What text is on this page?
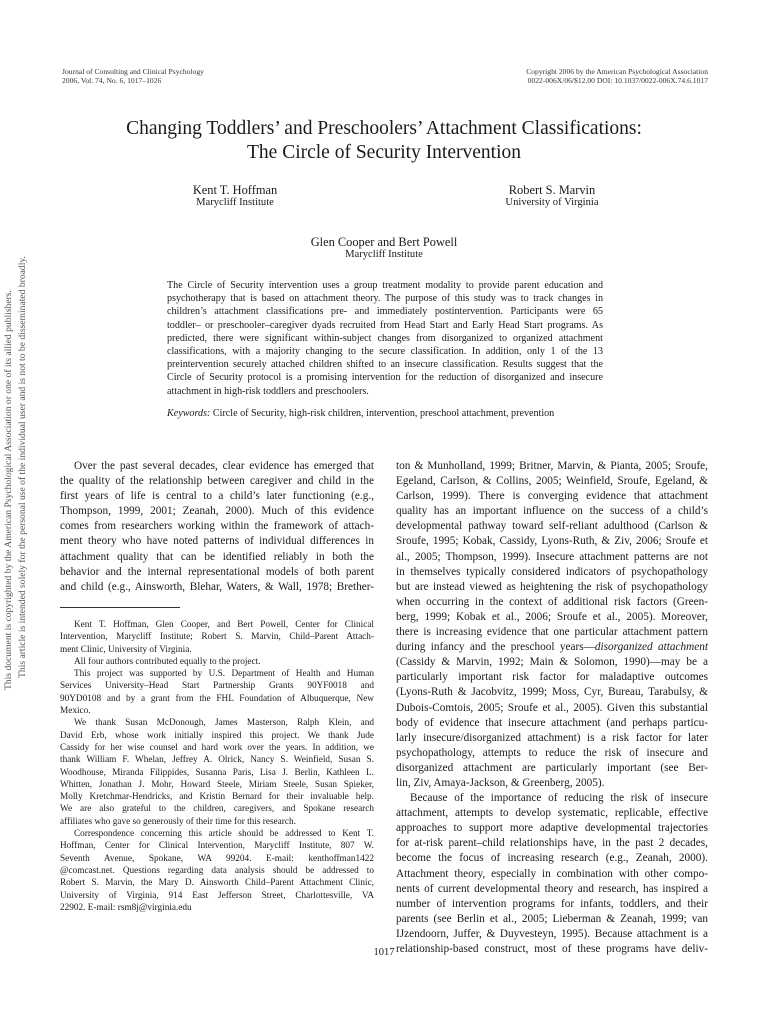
Journal of Consulting and Clinical Psychology
2006, Vol. 74, No. 6, 1017–1026
Copyright 2006 by the American Psychological Association
0022-006X/06/$12.00 DOI: 10.1037/0022-006X.74.6.1017
This document is copyrighted by the American Psychological Association or one of its allied publishers. This article is intended solely for the personal use of the individual user and is not to be disseminated broadly.
Changing Toddlers’ and Preschoolers’ Attachment Classifications:
The Circle of Security Intervention
Kent T. Hoffman
Marycliff Institute
Robert S. Marvin
University of Virginia
Glen Cooper and Bert Powell
Marycliff Institute
The Circle of Security intervention uses a group treatment modality to provide parent education and
psychotherapy that is based on attachment theory. The purpose of this study was to track changes in
children’s attachment classifications pre- and immediately postintervention. Participants were 65
toddler– or preschooler–caregiver dyads recruited from Head Start and Early Head Start programs. As
predicted, there were significant within-subject changes from disorganized to organized attachment
classifications, with a majority changing to the secure classification. In addition, only 1 of the 13
preintervention securely attached children shifted to an insecure classification. Results suggest that the
Circle of Security protocol is a promising intervention for the reduction of disorganized and insecure
attachment in high-risk toddlers and preschoolers.
Keywords: Circle of Security, high-risk children, intervention, preschool attachment, prevention
Over the past several decades, clear evidence has emerged that
the quality of the relationship between caregiver and child in the
first years of life is central to a child’s later functioning (e.g.,
Thompson, 1999, 2001; Zeanah, 2000). Much of this evidence
comes from researchers working within the framework of attach-
ment theory who have noted patterns of individual differences in
attachment quality that can be identified reliably in both the
behavior and the internal representational models of both parent
and child (e.g., Ainsworth, Blehar, Waters, & Wall, 1978; Brether-
Kent T. Hoffman, Glen Cooper, and Bert Powell, Center for Clinical
Intervention, Marycliff Institute; Robert S. Marvin, Child–Parent Attach-
ment Clinic, University of Virginia.
All four authors contributed equally to the project.
This project was supported by U.S. Department of Health and Human
Services University–Head Start Partnership Grants 90YF0018 and
90YD0108 and by a grant from the FHL Foundation of Albuquerque, New
Mexico.
We thank Susan McDonough, James Masterson, Ralph Klein, and
David Erb, whose work initially inspired this project. We thank Jude
Cassidy for her wise counsel and hard work over the years. In addition, we
thank William F. Whelan, Jeffrey A. Olrick, Nancy S. Weinfield, Susan S.
Woodhouse, Miranda Filippides, Susanna Paris, Lisa J. Berlin, Kathleen L.
Whitten, Jonathan J. Mohr, Howard Steele, Miriam Steele, Susan Spieker,
Molly Kretchmar-Hendricks, and Kristin Bernard for their invaluable help.
We are also grateful to the children, caregivers, and Spokane research
affiliates who gave so generously of their time for this research.
Correspondence concerning this article should be addressed to Kent T.
Hoffman, Center for Clinical Intervention, Marycliff Institute, 807 W.
Seventh Avenue, Spokane, WA 99204. E-mail: kenthoffman1422
@comcast.net. Questions regarding data analysis should be addressed to
Robert S. Marvin, the Mary D. Ainsworth Child–Parent Attachment Clinic,
University of Virginia, 914 East Jefferson Street, Charlottesville, VA
22902. E-mail: rsm8j@virginia.edu
ton & Munholland, 1999; Britner, Marvin, & Pianta, 2005; Sroufe,
Egeland, Carlson, & Collins, 2005; Weinfield, Sroufe, Egeland, &
Carlson, 1999). There is converging evidence that attachment
quality has an important influence on the success of a child’s
developmental pathway toward self-reliant adulthood (Carlson &
Sroufe, 1995; Kobak, Cassidy, Lyons-Ruth, & Ziv, 2006; Sroufe et
al., 2005; Thompson, 1999). Insecure attachment patterns are not
in themselves typically considered indicators of psychopathology
but are instead viewed as heightening the risk of psychopathology
when occurring in the context of additional risk factors (Green-
berg, 1999; Kobak et al., 2006; Sroufe et al., 2005). Moreover,
there is increasing evidence that one particular attachment pattern
during infancy and the preschool years—disorganized attachment
(Cassidy & Marvin, 1992; Main & Solomon, 1990)—may be a
particularly important risk factor for maladaptive outcomes
(Lyons-Ruth & Jacobvitz, 1999; Moss, Cyr, Bureau, Tarabulsy, &
Dubois-Comtois, 2005; Sroufe et al., 2005). Given this substantial
body of evidence that insecure attachment (and perhaps particu-
larly insecure/disorganized attachment) is a risk factor for later
psychopathology, attempts to reduce the risk of insecure and
disorganized attachment are particularly important (see Ber-
lin, Ziv, Amaya-Jackson, & Greenberg, 2005).
Because of the importance of reducing the risk of insecure
attachment, attempts to develop systematic, replicable, effective
approaches to support more adaptive developmental trajectories
for at-risk parent–child relationships have, in the past 2 decades,
become the focus of increasing research (e.g., Zeanah, 2000).
Attachment theory, especially in combination with other compo-
nents of current developmental theory and research, has inspired a
number of intervention programs for infants, toddlers, and their
parents (see Berlin et al., 2005; Lieberman & Zeanah, 1999; van
IJzendoorn, Juffer, & Duyvesteyn, 1995). Because attachment is a
relationship-based construct, most of these programs have deliv-
1017
